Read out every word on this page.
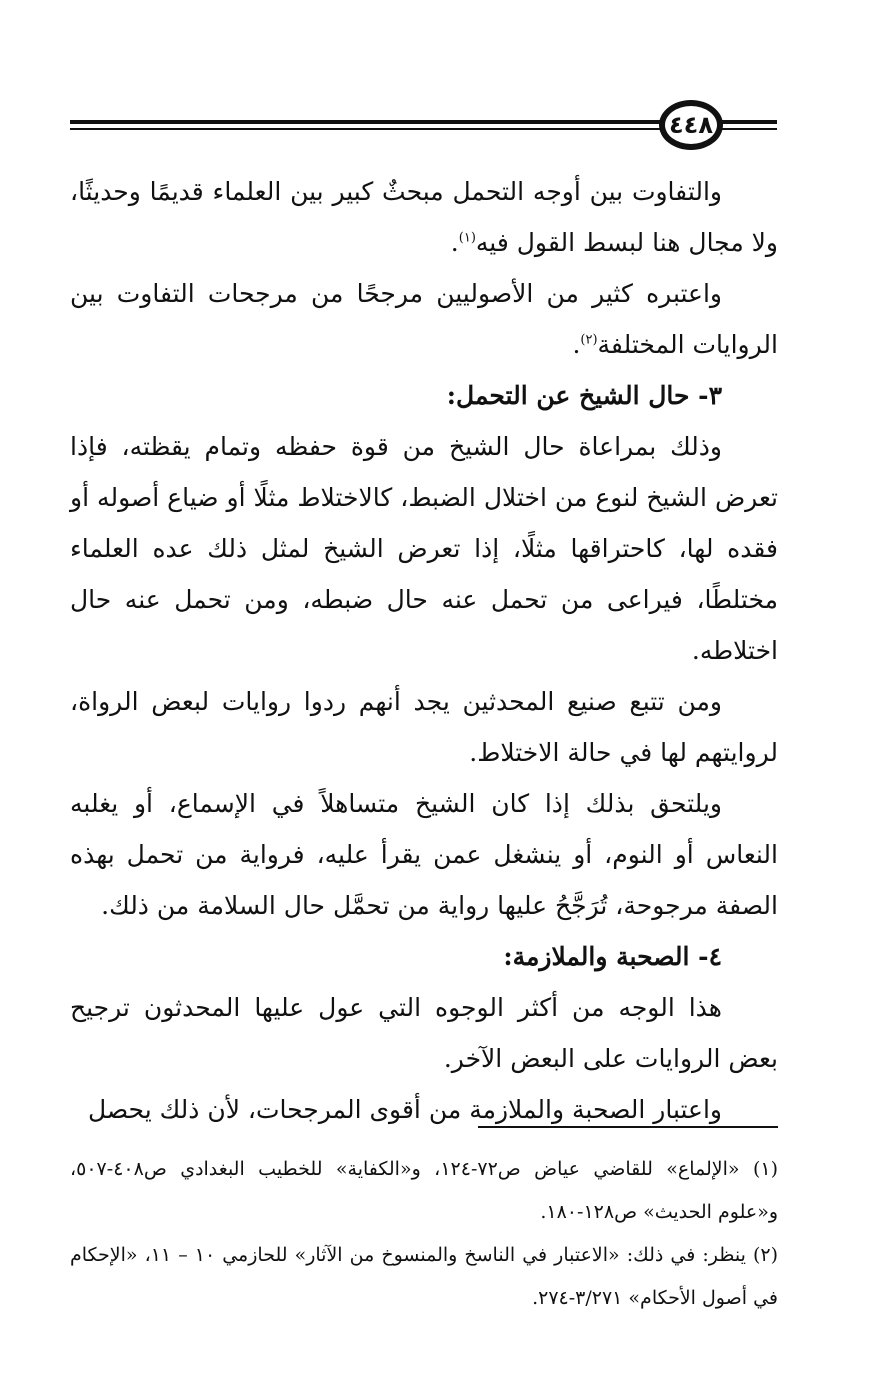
٤٤٨

والتفاوت بين أوجه التحمل مبحثٌ كبير بين العلماء قديمًا وحديثًا، ولا مجال هنا لبسط القول فيه$^{(١)}$.

واعتبره كثير من الأصوليين مرجحًا من مرجحات التفاوت بين الروايات المختلفة$^{(٢)}$.

٣- حال الشيخ عن التحمل:

وذلك بمراعاة حال الشيخ من قوة حفظه وتمام يقظته، فإذا تعرض الشيخ لنوع من اختلال الضبط، كالاختلاط مثلًا أو ضياع أصوله أو فقده لها، كاحتراقها مثلًا، إذا تعرض الشيخ لمثل ذلك عده العلماء مختلطًا، فيراعى من تحمل عنه حال ضبطه، ومن تحمل عنه حال اختلاطه.

ومن تتبع صنيع المحدثين يجد أنهم ردوا روايات لبعض الرواة، لروايتهم لها في حالة الاختلاط.

ويلتحق بذلك إذا كان الشيخ متساهلاً في الإسماع، أو يغلبه النعاس أو النوم، أو ينشغل عمن يقرأ عليه، فرواية من تحمل بهذه الصفة مرجوحة، تُرَجَّحُ عليها رواية من تحمَّل حال السلامة من ذلك.

٤- الصحبة والملازمة:

هذا الوجه من أكثر الوجوه التي عول عليها المحدثون ترجيح بعض الروايات على البعض الآخر.

واعتبار الصحبة والملازمة من أقوى المرجحات، لأن ذلك يحصل

(١) «الإلماع» للقاضي عياض ص٧٢-١٢٤، و«الكفاية» للخطيب البغدادي ص٤٠٨-٥٠٧، و«علوم الحديث» ص١٢٨-١٨٠.

(٢) ينظر: في ذلك: «الاعتبار في الناسخ والمنسوخ من الآثار» للحازمي ١٠ – ١١، «الإحكام في أصول الأحكام» ٣/٢٧١-٢٧٤.
